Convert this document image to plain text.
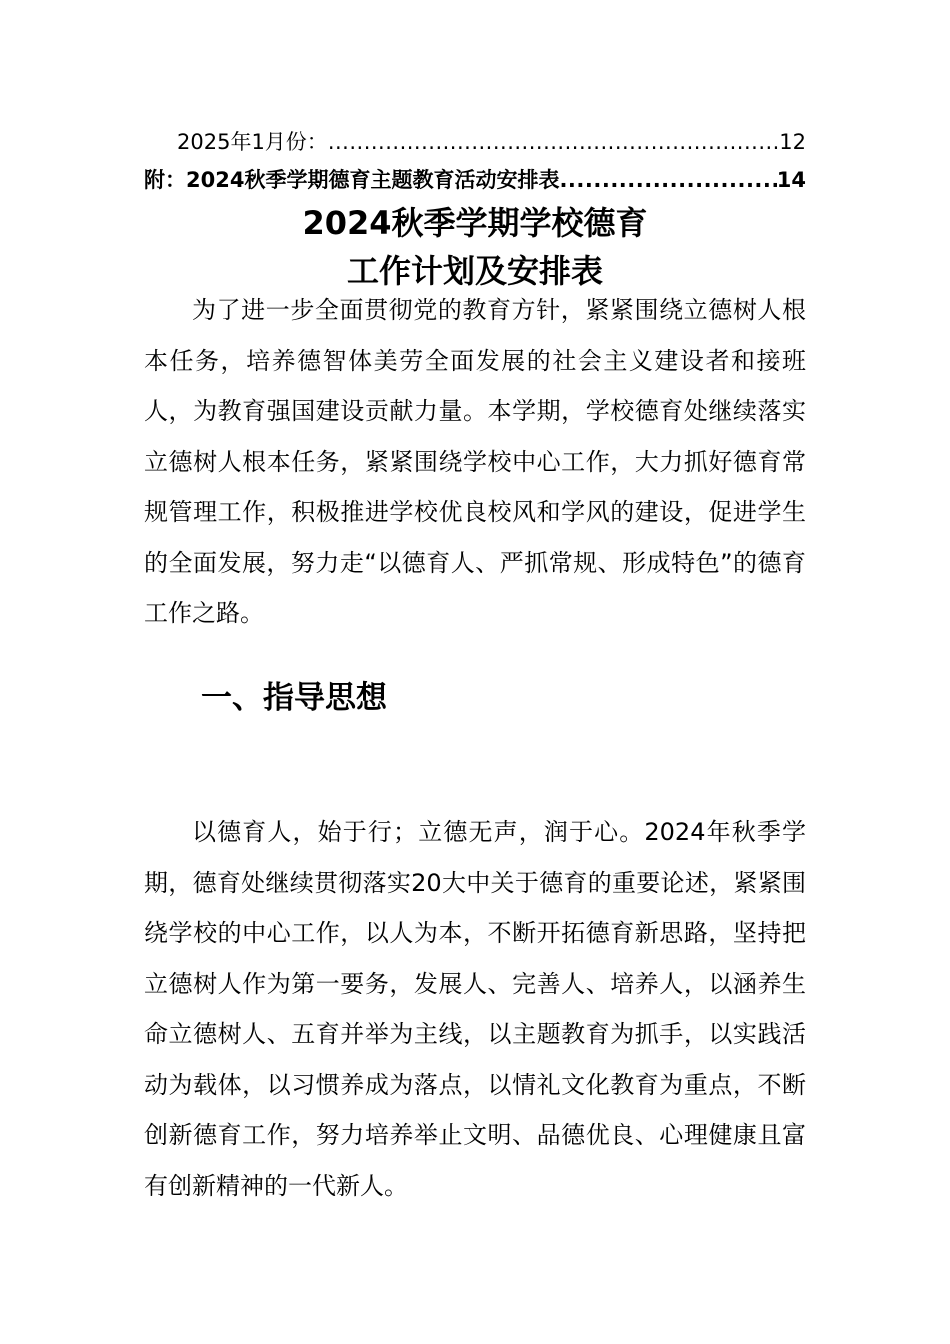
2025年1月份： .....	12
附：2024秋季学期德育主题教育活动安排表 .....	14
2024秋季学期学校德育
工作计划及安排表

为了进一步全面贯彻党的教育方针，紧紧围绕立德树人根本任务，培养德智体美劳全面发展的社会主义建设者和接班人，为教育强国建设贡献力量。本学期，学校德育处继续落实立德树人根本任务，紧紧围绕学校中心工作，大力抓好德育常规管理工作，积极推进学校优良校风和学风的建设，促进学生的全面发展，努力走“以德育人、严抓常规、形成特色”的德育工作之路。

一、指导思想

以德育人，始于行；立德无声，润于心。2024年秋季学期，德育处继续贯彻落实20大中关于德育的重要论述，紧紧围绕学校的中心工作，以人为本，不断开拓德育新思路，坚持把立德树人作为第一要务，发展人、完善人、培养人，以涵养生命立德树人、五育并举为主线，以主题教育为抓手，以实践活动为载体，以习惯养成为落点，以情礼文化教育为重点，不断创新德育工作，努力培养举止文明、品德优良、心理健康且富有创新精神的一代新人。
